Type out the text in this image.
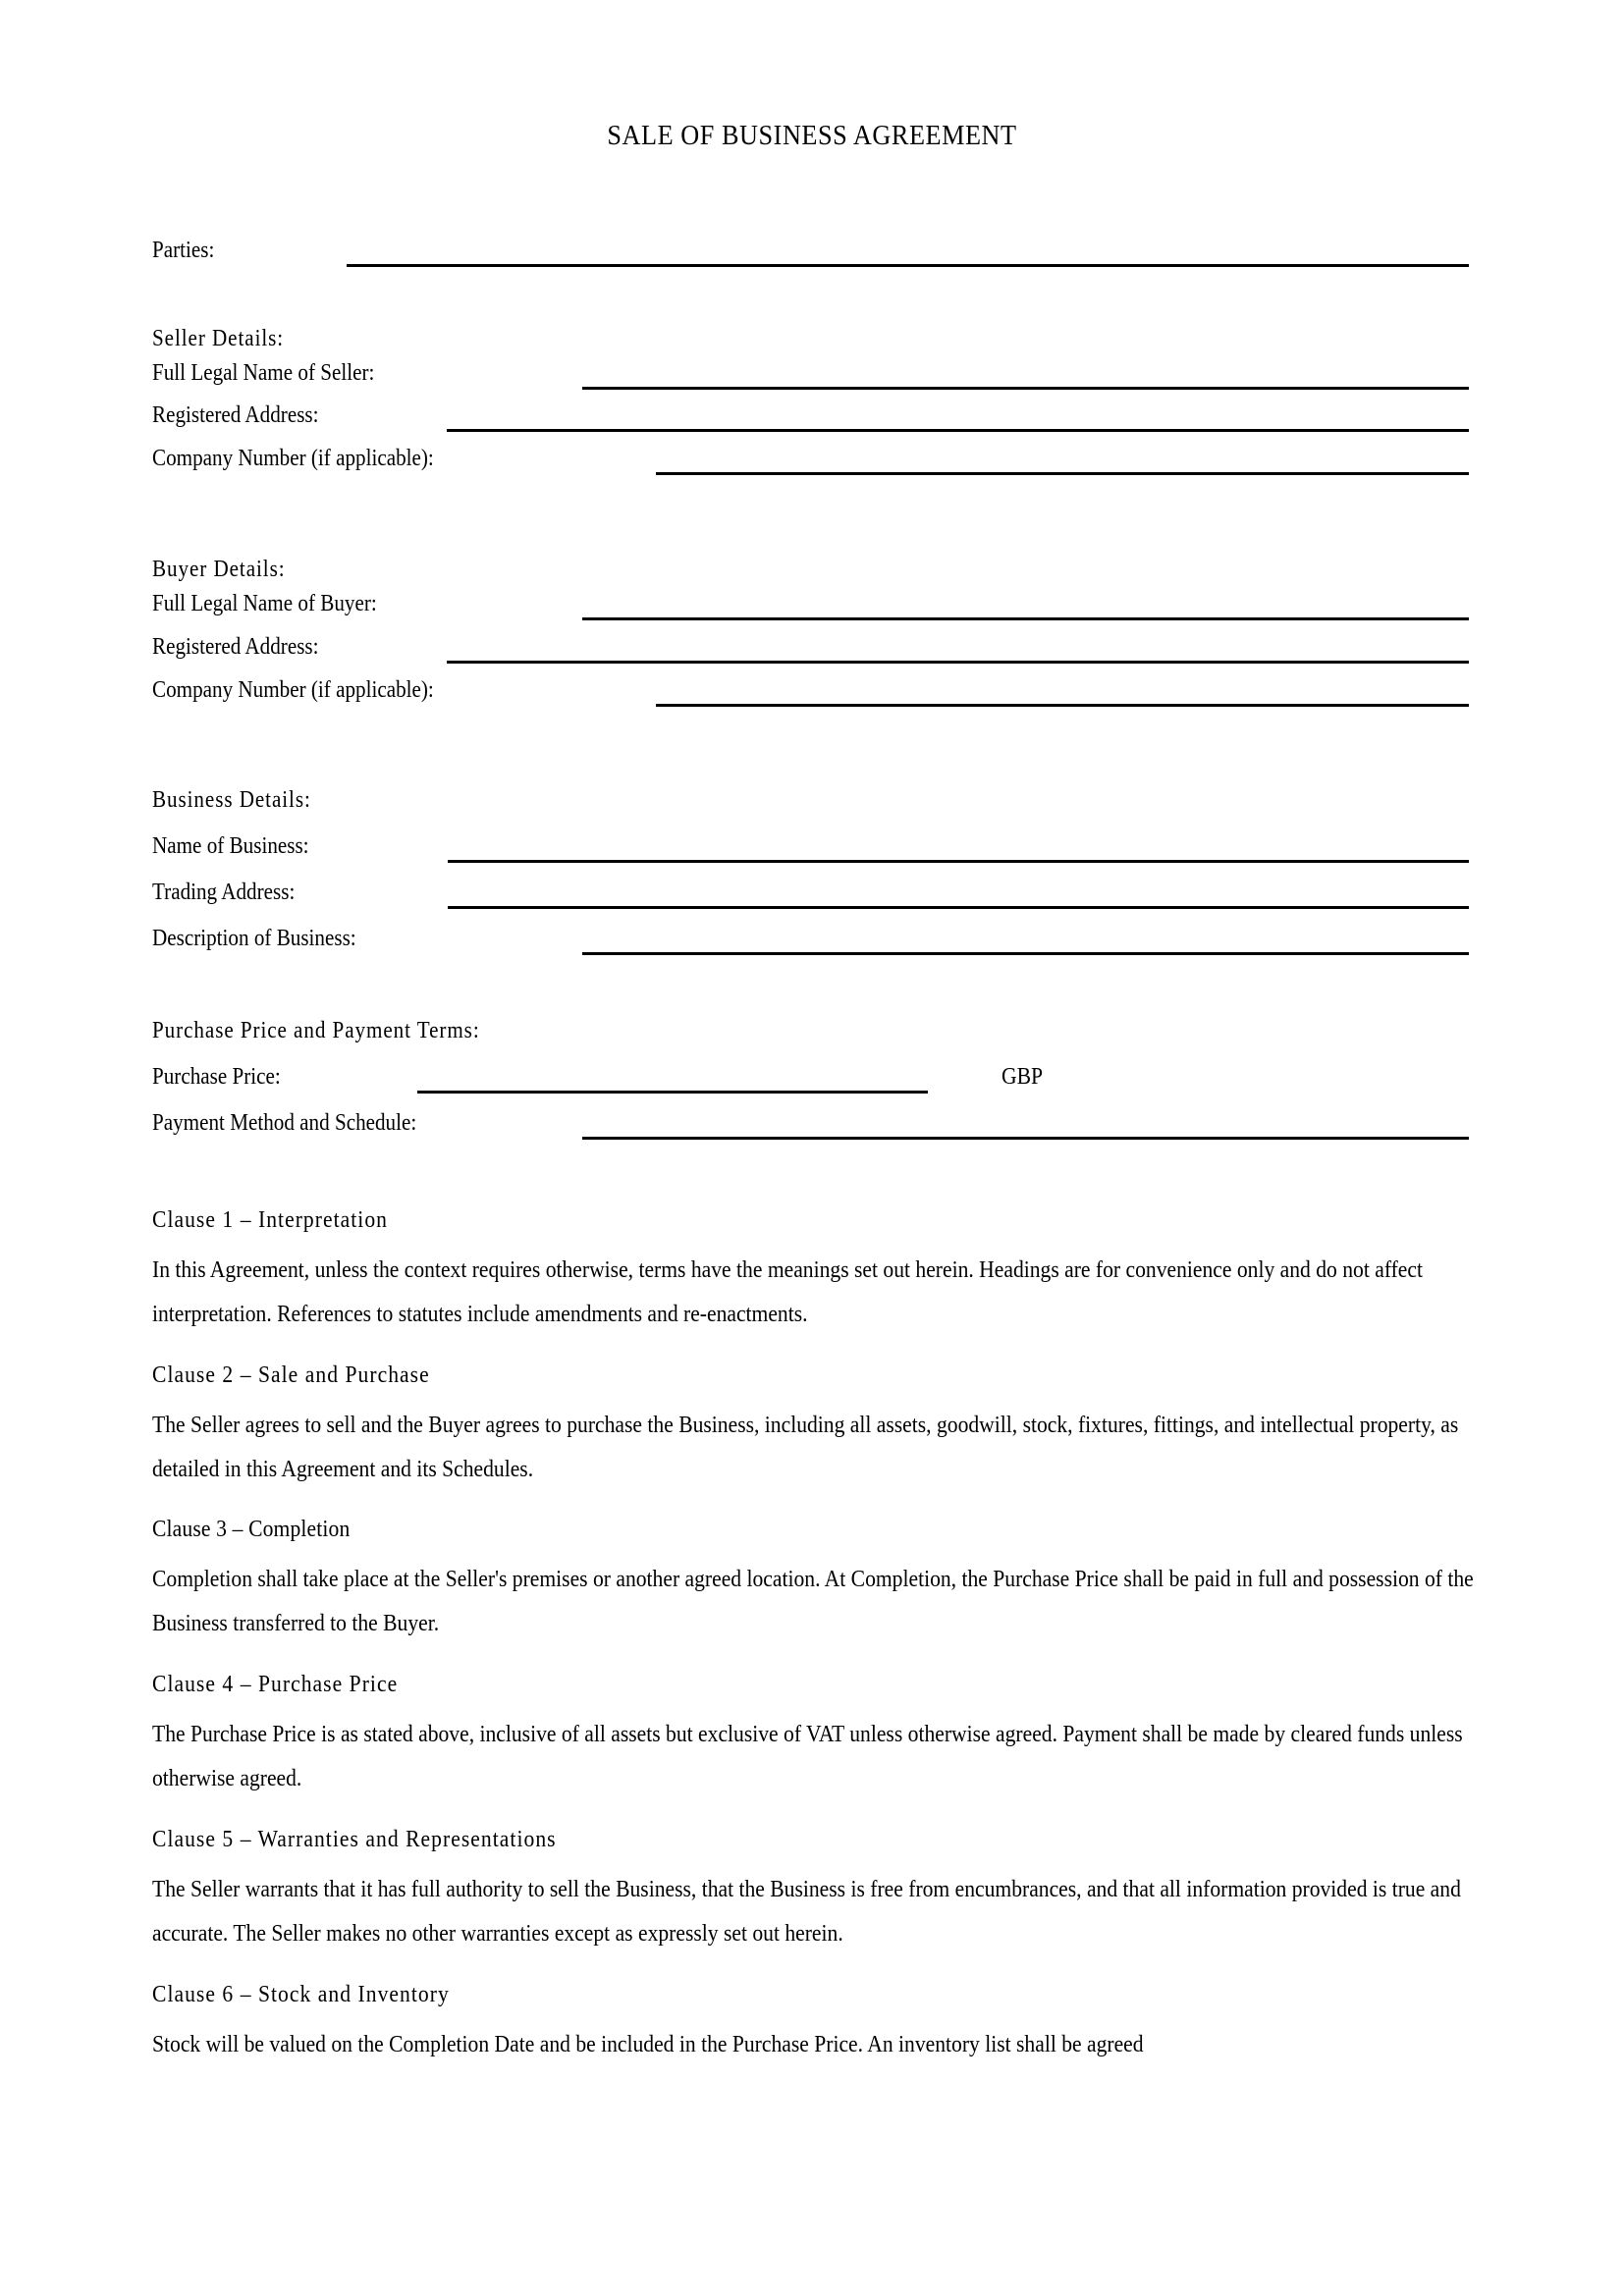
SALE OF BUSINESS AGREEMENT
Parties:
Seller Details:
Full Legal Name of Seller:
Registered Address:
Company Number (if applicable):
Buyer Details:
Full Legal Name of Buyer:
Registered Address:
Company Number (if applicable):
Business Details:
Name of Business:
Trading Address:
Description of Business:
Purchase Price and Payment Terms:
Purchase Price:	GBP
Payment Method and Schedule:

Clause 1 – Interpretation

In this Agreement, unless the context requires otherwise, terms have the meanings set out herein. Headings are for convenience only and do not affect interpretation. References to statutes include amendments and re-enactments.

Clause 2 – Sale and Purchase

The Seller agrees to sell and the Buyer agrees to purchase the Business, including all assets, goodwill, stock, fixtures, fittings, and intellectual property, as detailed in this Agreement and its Schedules.

Clause 3 – Completion

Completion shall take place at the Seller's premises or another agreed location. At Completion, the Purchase Price shall be paid in full and possession of the Business transferred to the Buyer.

Clause 4 – Purchase Price

The Purchase Price is as stated above, inclusive of all assets but exclusive of VAT unless otherwise agreed. Payment shall be made by cleared funds unless otherwise agreed.

Clause 5 – Warranties and Representations

The Seller warrants that it has full authority to sell the Business, that the Business is free from encumbrances, and that all information provided is true and accurate. The Seller makes no other warranties except as expressly set out herein.

Clause 6 – Stock and Inventory

Stock will be valued on the Completion Date and be included in the Purchase Price. An inventory list shall be agreed
